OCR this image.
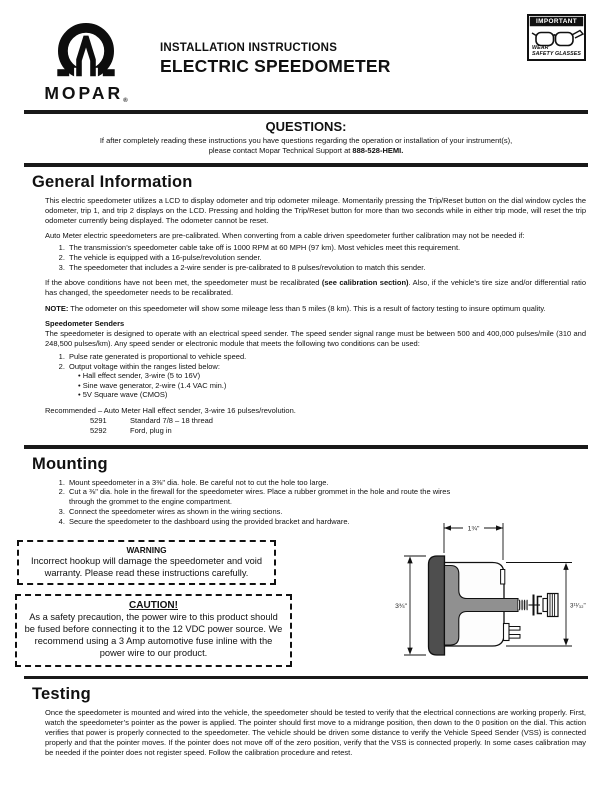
MOPAR®
INSTALLATION INSTRUCTIONS
ELECTRIC SPEEDOMETER
IMPORTANT
WEAR
SAFETY GLASSES
QUESTIONS:

If after completely reading these instructions you have questions regarding the operation or installation of your instrument(s),
please contact Mopar Technical Support at 888-528-HEMI.

General Information

This electric speedometer utilizes a LCD to display odometer and trip odometer mileage. Momentarily pressing the Trip/Reset button on the dial window cycles the odometer, trip 1, and trip 2 displays on the LCD. Pressing and holding the Trip/Reset button for more than two seconds while in either trip mode, will reset the trip odometer currently being displayed. The odometer cannot be reset.

Auto Meter electric speedometers are pre-calibrated. When converting from a cable driven speedometer further calibration may not be needed if:

1. The transmission’s speedometer cable take off is 1000 RPM at 60 MPH (97 km). Most vehicles meet this requirement.
2. The vehicle is equipped with a 16-pulse/revolution sender.
3. The speedometer that includes a 2-wire sender is pre-calibrated to 8 pulses/revolution to match this sender.

If the above conditions have not been met, the speedometer must be recalibrated (see calibration section). Also, if the vehicle’s tire size and/or differential ratio has changed, the speedometer needs to be recalibrated.

NOTE: The odometer on this speedometer will show some mileage less than 5 miles (8 km). This is a result of factory testing to insure optimum quality.

Speedometer Senders

The speedometer is designed to operate with an electrical speed sender. The speed sender signal range must be between 500 and 400,000 pulses/mile (310 and 248,500 pulses/km). Any speed sender or electronic module that meets the following two conditions can be used:

1. Pulse rate generated is proportional to vehicle speed.
2. Output voltage within the ranges listed below:
• Hall effect sender, 3-wire (5 to 16V)
• Sine wave generator, 2-wire (1.4 VAC min.)
• 5V Square wave (CMOS)

Recommended – Auto Meter Hall effect sender, 3-wire 16 pulses/revolution.

5291	Standard 7/8 – 18 thread
5292	Ford, plug in
Mounting
1. Mount speedometer in a 3⅜" dia. hole. Be careful not to cut the hole too large.
2. Cut a ⅜" dia. hole in the firewall for the speedometer wires. Place a rubber grommet in the hole and route the wires through the grommet to the engine compartment.
3. Connect the speedometer wires as shown in the wiring sections.
4. Secure the speedometer to the dashboard using the provided bracket and hardware.
WARNING
Incorrect hookup will damage the speedometer and void warranty. Please read these instructions carefully.
CAUTION!
As a safety precaution, the power wire to this product should be fused before connecting it to the 12 VDC power source. We recommend using a 3 Amp automotive fuse inline with the power wire to our product.
1¾"
3¾"	3¹¹⁄₃₂"
Testing

Once the speedometer is mounted and wired into the vehicle, the speedometer should be tested to verify that the electrical connections are working properly. First, watch the speedometer’s pointer as the power is applied. The pointer should first move to a midrange position, then down to the 0 position on the dial. This action verifies that power is properly connected to the speedometer. The vehicle should be driven some distance to verify the Vehicle Speed Sender (VSS) is connected properly and that the pointer moves. If the pointer does not move off of the zero position, verify that the VSS is connected properly. In some cases calibration may be needed if the pointer does not register speed. Follow the calibration procedure and retest.
